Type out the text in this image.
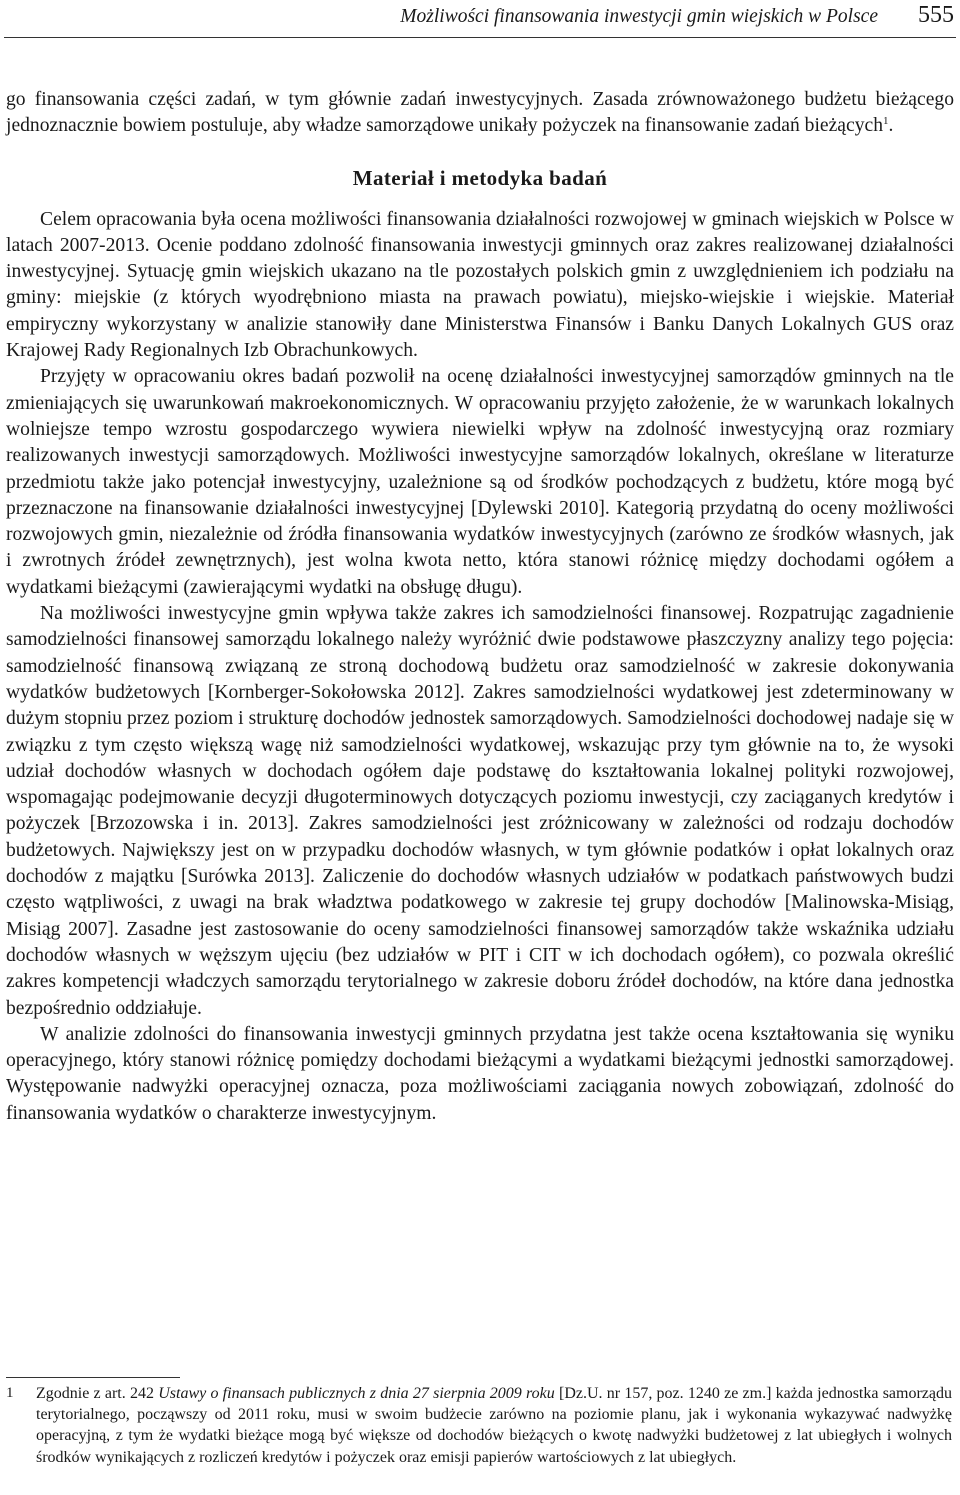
Możliwości finansowania inwestycji gmin wiejskich w Polsce 555

go finansowania części zadań, w tym głównie zadań inwestycyjnych. Zasada zrównoważonego budżetu bieżącego jednoznacznie bowiem postuluje, aby władze samorządowe unikały pożyczek na finansowanie zadań bieżących$^1$.

Materiał i metodyka badań

Celem opracowania była ocena możliwości finansowania działalności rozwojowej w gminach wiejskich w Polsce w latach 2007-2013. Ocenie poddano zdolność finansowania inwestycji gminnych oraz zakres realizowanej działalności inwestycyjnej. Sytuację gmin wiejskich ukazano na tle pozostałych polskich gmin z uwzględnieniem ich podziału na gminy: miejskie (z których wyodrębniono miasta na prawach powiatu), miejsko-wiejskie i wiejskie. Materiał empiryczny wykorzystany w analizie stanowiły dane Ministerstwa Finansów i Banku Danych Lokalnych GUS oraz Krajowej Rady Regionalnych Izb Obrachunkowych.

Przyjęty w opracowaniu okres badań pozwolił na ocenę działalności inwestycyjnej samorządów gminnych na tle zmieniających się uwarunkowań makroekonomicznych. W opracowaniu przyjęto założenie, że w warunkach lokalnych wolniejsze tempo wzrostu gospodarczego wywiera niewielki wpływ na zdolność inwestycyjną oraz rozmiary realizowanych inwestycji samorządowych. Możliwości inwestycyjne samorządów lokalnych, określane w literaturze przedmiotu także jako potencjał inwestycyjny, uzależnione są od środków pochodzących z budżetu, które mogą być przeznaczone na finansowanie działalności inwestycyjnej [Dylewski 2010]. Kategorią przydatną do oceny możliwości rozwojowych gmin, niezależnie od źródła finansowania wydatków inwestycyjnych (zarówno ze środków własnych, jak i zwrotnych źródeł zewnętrznych), jest wolna kwota netto, która stanowi różnicę między dochodami ogółem a wydatkami bieżącymi (zawierającymi wydatki na obsługę długu).

Na możliwości inwestycyjne gmin wpływa także zakres ich samodzielności finansowej. Rozpatrując zagadnienie samodzielności finansowej samorządu lokalnego należy wyróżnić dwie podstawowe płaszczyzny analizy tego pojęcia: samodzielność finansową związaną ze stroną dochodową budżetu oraz samodzielność w zakresie dokonywania wydatków budżetowych [Kornberger-Sokołowska 2012]. Zakres samodzielności wydatkowej jest zdeterminowany w dużym stopniu przez poziom i strukturę dochodów jednostek samorządowych. Samodzielności dochodowej nadaje się w związku z tym często większą wagę niż samodzielności wydatkowej, wskazując przy tym głównie na to, że wysoki udział dochodów własnych w dochodach ogółem daje podstawę do kształtowania lokalnej polityki rozwojowej, wspomagając podejmowanie decyzji długoterminowych dotyczących poziomu inwestycji, czy zaciąganych kredytów i pożyczek [Brzozowska i in. 2013]. Zakres samodzielności jest zróżnicowany w zależności od rodzaju dochodów budżetowych. Największy jest on w przypadku dochodów własnych, w tym głównie podatków i opłat lokalnych oraz dochodów z majątku [Surówka 2013]. Zaliczenie do dochodów własnych udziałów w podatkach państwowych budzi często wątpliwości, z uwagi na brak władztwa podatkowego w zakresie tej grupy dochodów [Malinowska-Misiąg, Misiąg 2007]. Zasadne jest zastosowanie do oceny samodzielności finansowej samorządów także wskaźnika udziału dochodów własnych w węższym ujęciu (bez udziałów w PIT i CIT w ich dochodach ogółem), co pozwala określić zakres kompetencji władczych samorządu terytorialnego w zakresie doboru źródeł dochodów, na które dana jednostka bezpośrednio oddziałuje.

W analizie zdolności do finansowania inwestycji gminnych przydatna jest także ocena kształtowania się wyniku operacyjnego, który stanowi różnicę pomiędzy dochodami bieżącymi a wydatkami bieżącymi jednostki samorządowej. Występowanie nadwyżki operacyjnej oznacza, poza możliwościami zaciągania nowych zobowiązań, zdolność do finansowania wydatków o charakterze inwestycyjnym.

1 Zgodnie z art. 242 Ustawy o finansach publicznych z dnia 27 sierpnia 2009 roku [Dz.U. nr 157, poz. 1240 ze zm.] każda jednostka samorządu terytorialnego, począwszy od 2011 roku, musi w swoim budżecie zarówno na poziomie planu, jak i wykonania wykazywać nadwyżkę operacyjną, z tym że wydatki bieżące mogą być większe od dochodów bieżących o kwotę nadwyżki budżetowej z lat ubiegłych i wolnych środków wynikających z rozliczeń kredytów i pożyczek oraz emisji papierów wartościowych z lat ubiegłych.
